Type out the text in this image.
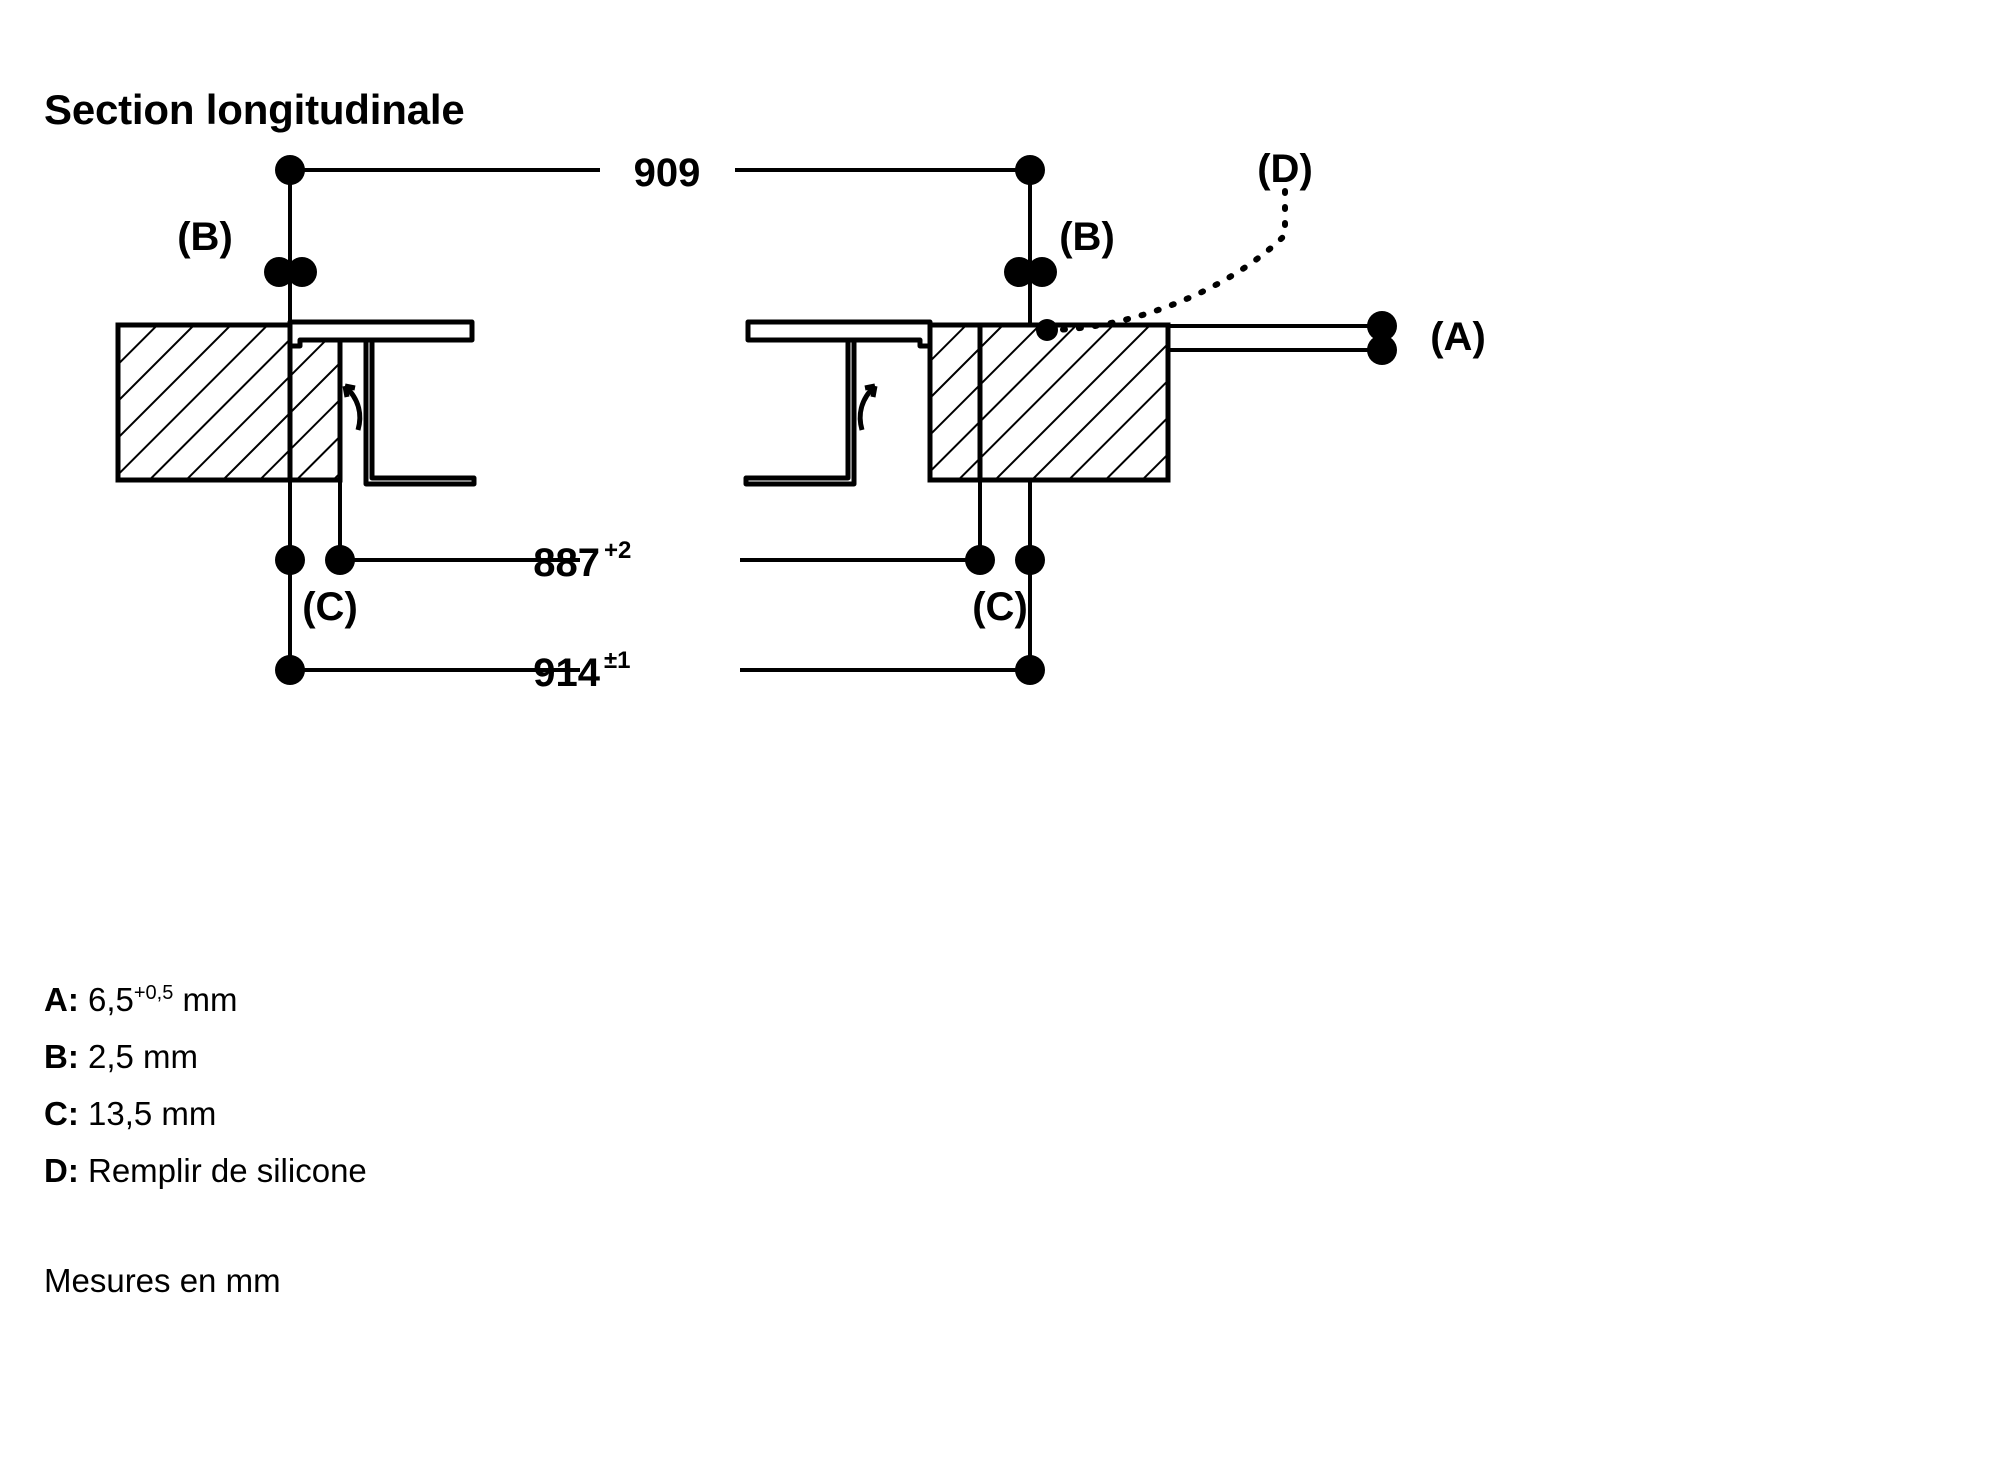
Section longitudinale
909
(B)	(B)
(A)
(D)
887 +2
(C)	(C)
914 ±1
A: $6,5^{+0,5}$ mm
B: 2,5 mm
C: 13,5 mm
D: Remplir de silicone
Mesures en mm
